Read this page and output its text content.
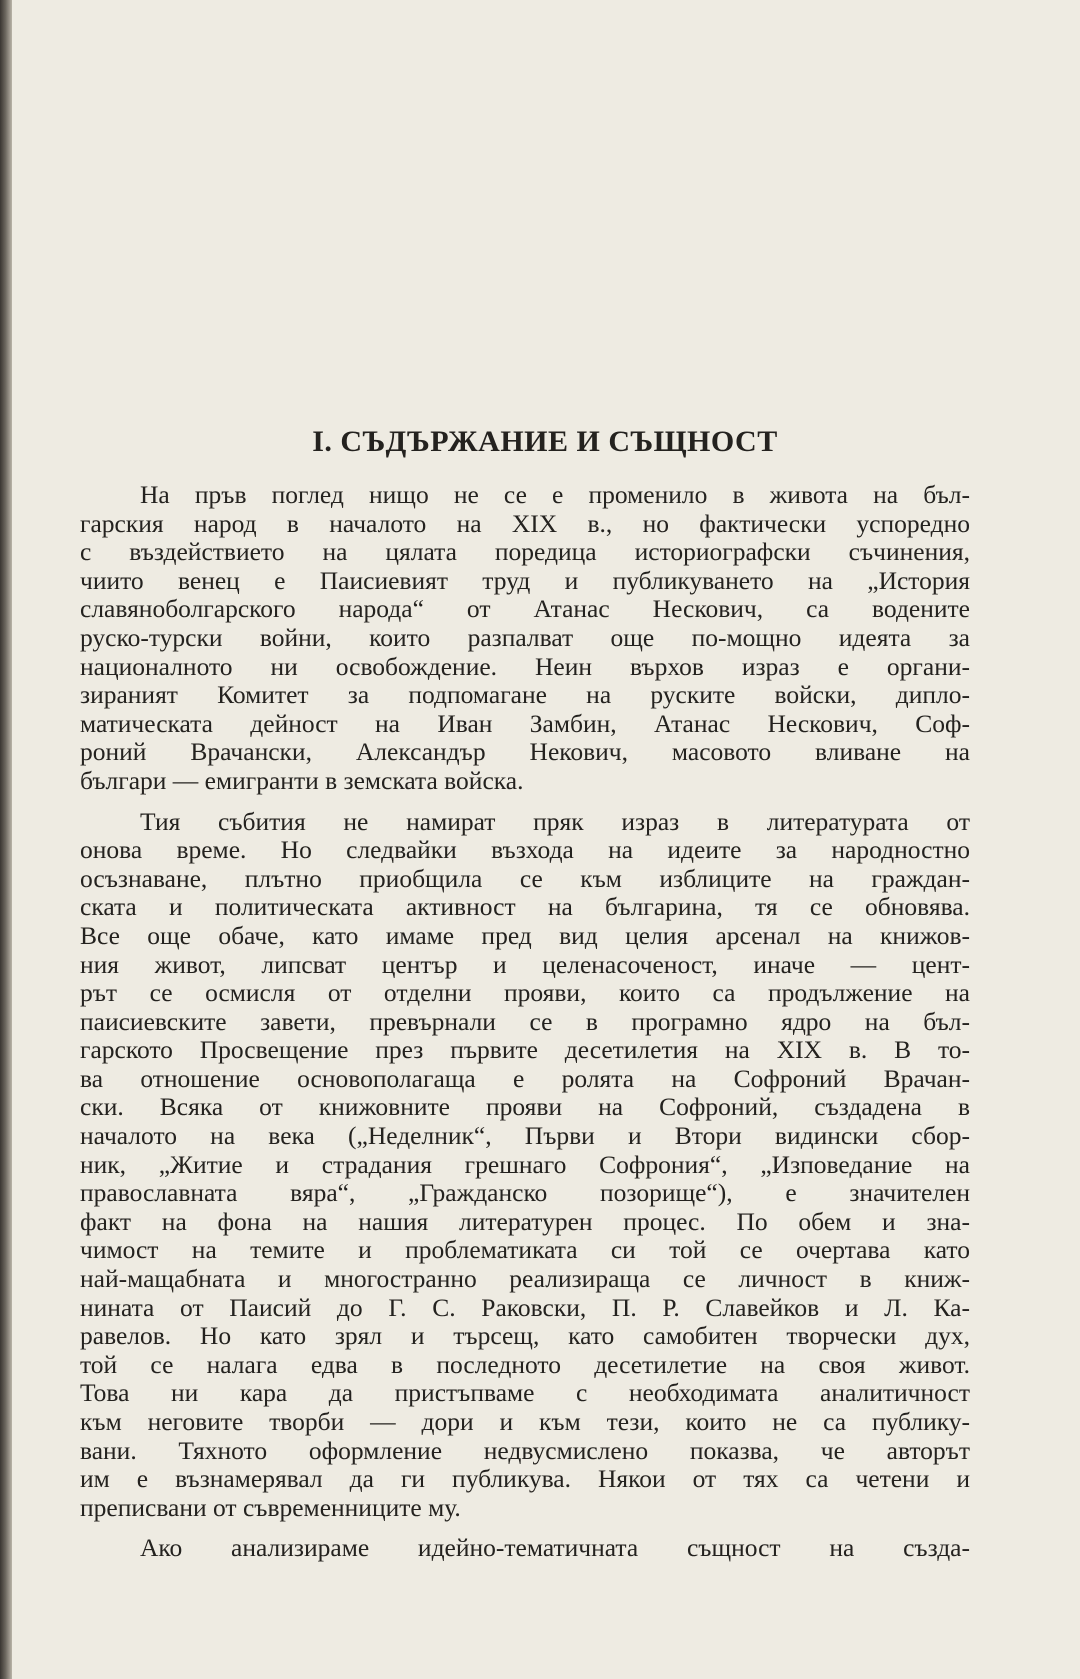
I. СЪДЪРЖАНИЕ И СЪЩНОСТ

На пръв поглед нищо не се е променило в живота на бъл-

гарския народ в началото на XIX в., но фактически успоредно

с въздействието на цялата поредица историографски съчинения,

чиито венец е Паисиевият труд и публикуването на „История

славяноболгарского народа“ от Атанас Нескович, са водените

руско-турски войни, които разпалват още по-мощно идеята за

националното ни освобождение. Неин върхов израз е органи-

зираният Комитет за подпомагане на руските войски, дипло-

матическата дейност на Иван Замбин, Атанас Нескович, Соф-

роний Врачански, Александър Некович, масовото вливане на

българи — емигранти в земската войска.

Тия събития не намират пряк израз в литературата от

онова време. Но следвайки възхода на идеите за народностно

осъзнаване, плътно приобщила се към изблиците на граждан-

ската и политическата активност на българина, тя се обновява.

Все още обаче, като имаме пред вид целия арсенал на книжов-

ния живот, липсват център и целенасоченост, иначе — цент-

рът се осмисля от отделни прояви, които са продължение на

паисиевските завети, превърнали се в програмно ядро на бъл-

гарското Просвещение през първите десетилетия на XIX в. В то-

ва отношение основополагаща е ролята на Софроний Врачан-

ски. Всяка от книжовните прояви на Софроний, създадена в

началото на века („Неделник“, Първи и Втори видински сбор-

ник, „Житие и страдания грешнаго Софрония“, „Изповедание на

православната вяра“, „Гражданско позорище“), е значителен

факт на фона на нашия литературен процес. По обем и зна-

чимост на темите и проблематиката си той се очертава като

най-мащабната и многостранно реализираща се личност в книж-

нината от Паисий до Г. С. Раковски, П. Р. Славейков и Л. Ка-

равелов. Но като зрял и търсещ, като самобитен творчески дух,

той се налага едва в последното десетилетие на своя живот.

Това ни кара да пристъпваме с необходимата аналитичност

към неговите творби — дори и към тези, които не са публику-

вани. Тяхното оформление недвусмислено показва, че авторът

им е възнамерявал да ги публикува. Някои от тях са четени и

преписвани от съвременниците му.

Ако анализираме идейно-тематичната същност на създа-
